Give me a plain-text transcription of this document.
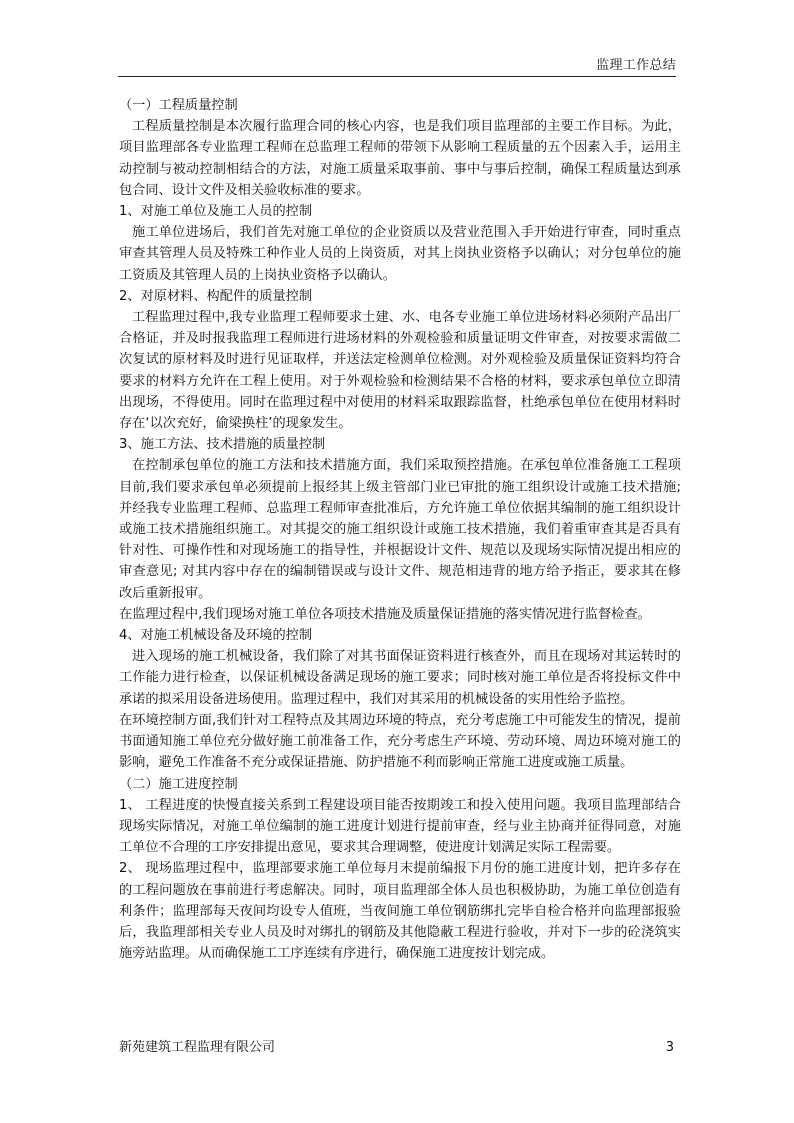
监理工作总结

（一）工程质量控制

工程质量控制是本次履行监理合同的核心内容，也是我们项目监理部的主要工作目标。为此，项目监理部各专业监理工程师在总监理工程师的带领下从影响工程质量的五个因素入手，运用主动控制与被动控制相结合的方法，对施工质量采取事前、事中与事后控制，确保工程质量达到承包合同、设计文件及相关验收标准的要求。

1、对施工单位及施工人员的控制

施工单位进场后，我们首先对施工单位的企业资质以及营业范围入手开始进行审查，同时重点审查其管理人员及特殊工种作业人员的上岗资质，对其上岗执业资格予以确认；对分包单位的施工资质及其管理人员的上岗执业资格予以确认。

2、对原材料、构配件的质量控制

工程监理过程中,我专业监理工程师要求土建、水、电各专业施工单位进场材料必须附产品出厂合格证，并及时报我监理工程师进行进场材料的外观检验和质量证明文件审查，对按要求需做二次复试的原材料及时进行见证取样，并送法定检测单位检测。对外观检验及质量保证资料均符合要求的材料方允许在工程上使用。对于外观检验和检测结果不合格的材料，要求承包单位立即清出现场，不得使用。同时在监理过程中对使用的材料采取跟踪监督，杜绝承包单位在使用材料时存在‘以次充好，偷梁换柱’的现象发生。

3、施工方法、技术措施的质量控制

在控制承包单位的施工方法和技术措施方面，我们采取预控措施。在承包单位准备施工工程项目前,我们要求承包单必须提前上报经其上级主管部门业已审批的施工组织设计或施工技术措施; 并经我专业监理工程师、总监理工程师审查批准后，方允许施工单位依据其编制的施工组织设计或施工技术措施组织施工。对其提交的施工组织设计或施工技术措施，我们着重审查其是否具有针对性、可操作性和对现场施工的指导性，并根据设计文件、规范以及现场实际情况提出相应的审查意见; 对其内容中存在的编制错误或与设计文件、规范相违背的地方给予指正，要求其在修改后重新报审。

在监理过程中,我们现场对施工单位各项技术措施及质量保证措施的落实情况进行监督检查。

4、对施工机械设备及环境的控制

进入现场的施工机械设备，我们除了对其书面保证资料进行核查外，而且在现场对其运转时的工作能力进行检查，以保证机械设备满足现场的施工要求；同时核对施工单位是否将投标文件中承诺的拟采用设备进场使用。监理过程中，我们对其采用的机械设备的实用性给予监控。

在环境控制方面,我们针对工程特点及其周边环境的特点，充分考虑施工中可能发生的情况，提前书面通知施工单位充分做好施工前准备工作，充分考虑生产环境、劳动环境、周边环境对施工的影响，避免工作准备不充分或保证措施、防护措施不利而影响正常施工进度或施工质量。

（二）施工进度控制

1、 工程进度的快慢直接关系到工程建设项目能否按期竣工和投入使用问题。我项目监理部结合现场实际情况，对施工单位编制的施工进度计划进行提前审查，经与业主协商并征得同意，对施工单位不合理的工序安排提出意见，要求其合理调整，使进度计划满足实际工程需要。

2、 现场监理过程中，监理部要求施工单位每月末提前编报下月份的施工进度计划，把许多存在的工程问题放在事前进行考虑解决。同时，项目监理部全体人员也积极协助，为施工单位创造有利条件；监理部每天夜间均设专人值班，当夜间施工单位钢筋绑扎完毕自检合格并向监理部报验后，我监理部相关专业人员及时对绑扎的钢筋及其他隐蔽工程进行验收，并对下一步的砼浇筑实施旁站监理。从而确保施工工序连续有序进行，确保施工进度按计划完成。

新苑建筑工程监理有限公司	3
